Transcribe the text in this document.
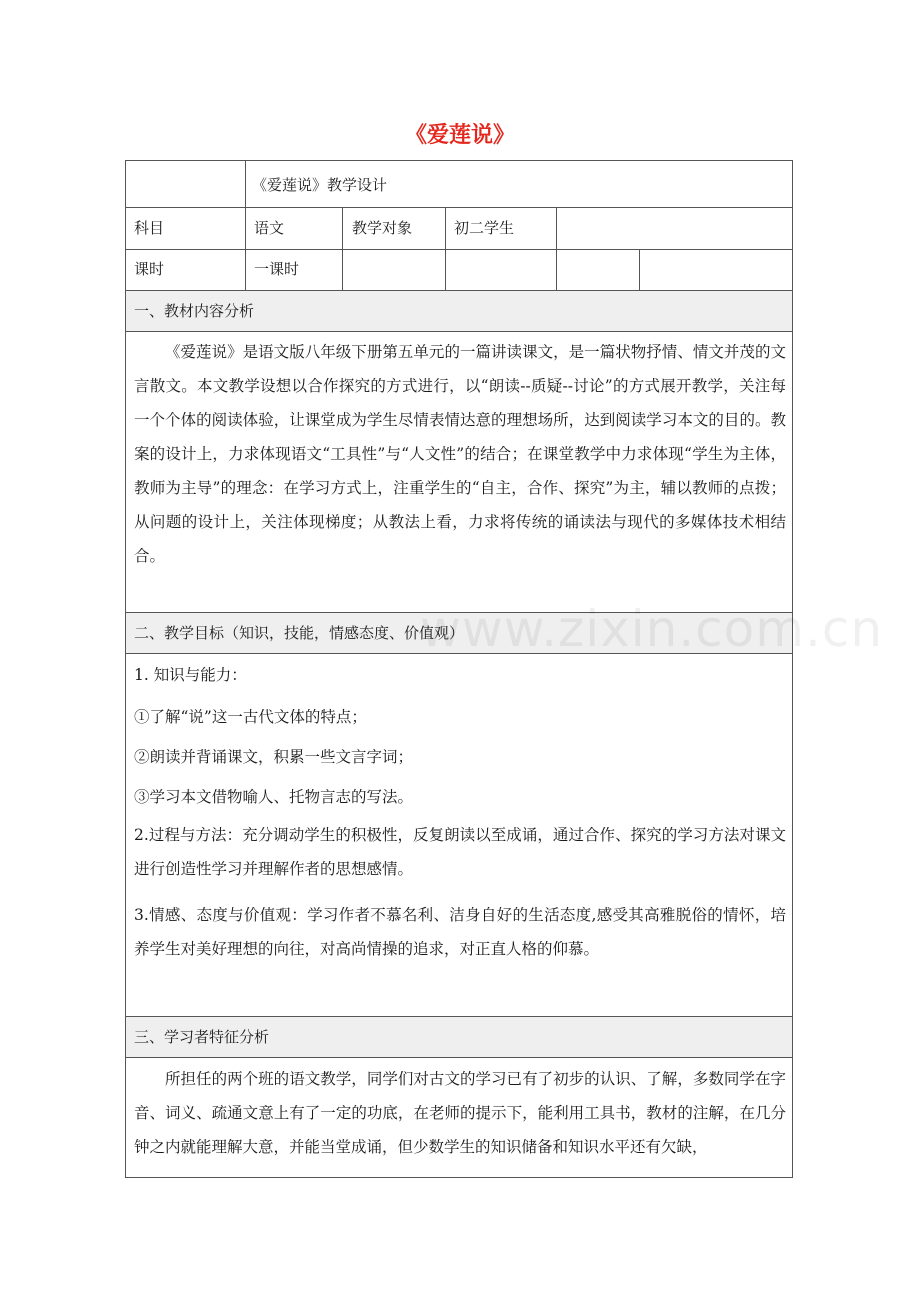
《爱莲说》
www.zixin.com.cn
《爱莲说》教学设计
科目	语文	教学对象	初二学生
课时	一课时
一、教材内容分析

《爱莲说》是语文版八年级下册第五单元的一篇讲读课文，是一篇状物抒情、情文并茂的文言散文。本文教学设想以合作探究的方式进行，以“朗读--质疑--讨论”的方式展开教学，关注每一个个体的阅读体验，让课堂成为学生尽情表情达意的理想场所，达到阅读学习本文的目的。教案的设计上，力求体现语文“工具性”与“人文性”的结合；在课堂教学中力求体现“学生为主体，教师为主导”的理念：在学习方式上，注重学生的“自主，合作、探究”为主，辅以教师的点拨；从问题的设计上，关注体现梯度；从教法上看，力求将传统的诵读法与现代的多媒体技术相结合。

二、教学目标（知识，技能，情感态度、价值观）
1. 知识与能力：
①了解“说”这一古代文体的特点；
②朗读并背诵课文，积累一些文言字词；
③学习本文借物喻人、托物言志的写法。
2.过程与方法：充分调动学生的积极性，反复朗读以至成诵，通过合作、探究的学习方法对课文进行创造性学习并理解作者的思想感情。
3.情感、态度与价值观：学习作者不慕名利、洁身自好的生活态度,感受其高雅脱俗的情怀，培养学生对美好理想的向往，对高尚情操的追求，对正直人格的仰慕。
三、学习者特征分析

所担任的两个班的语文教学，同学们对古文的学习已有了初步的认识、了解，多数同学在字音、词义、疏通文意上有了一定的功底，在老师的提示下，能利用工具书，教材的注解，在几分钟之内就能理解大意，并能当堂成诵，但少数学生的知识储备和知识水平还有欠缺，
